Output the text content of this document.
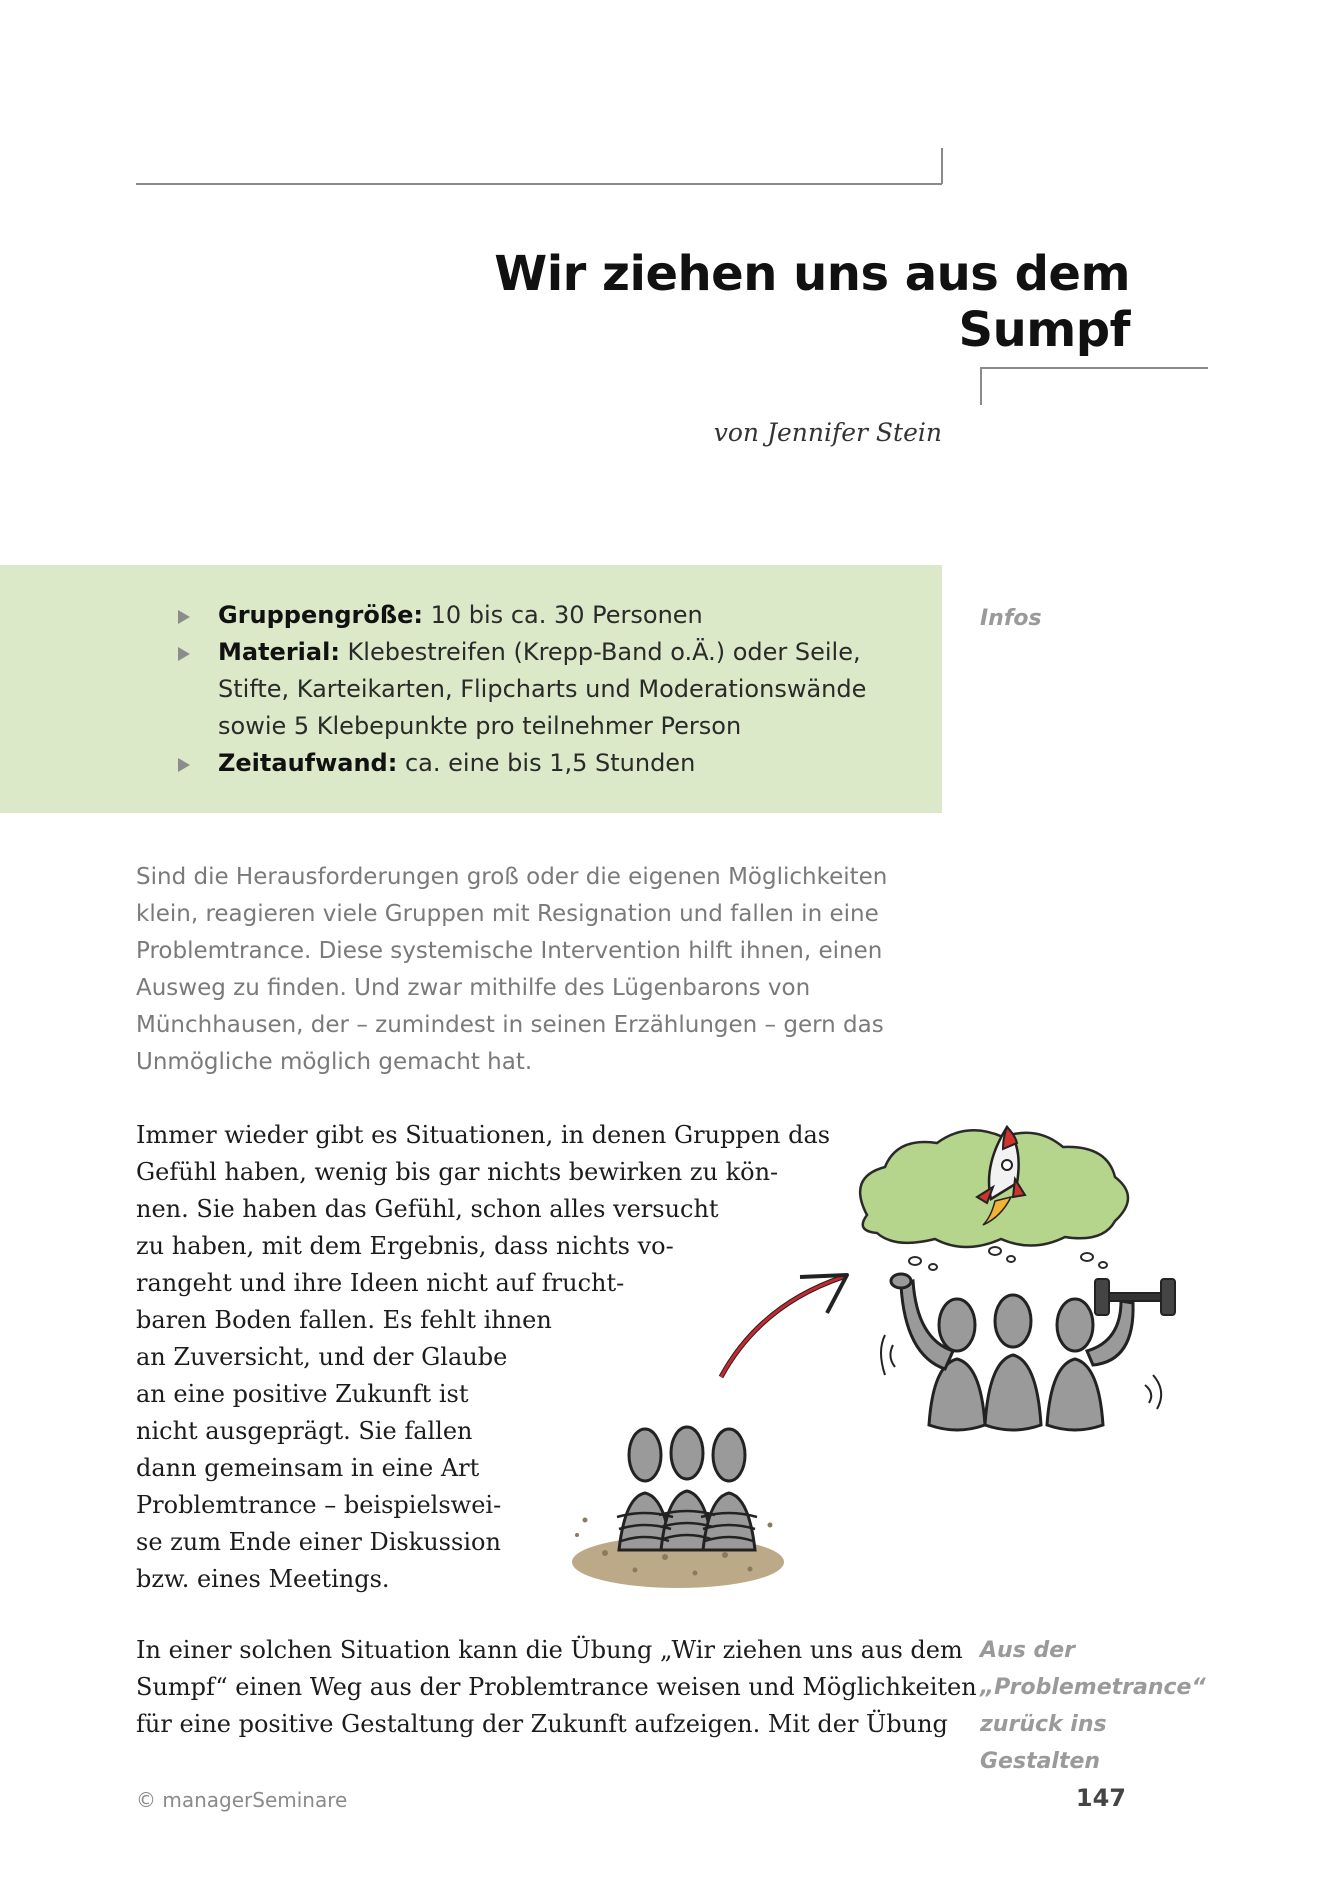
Wir ziehen uns aus dem Sumpf
von Jennifer Stein
Gruppengröße: 10 bis ca. 30 Personen
Material: Klebestreifen (Krepp-Band o.Ä.) oder Seile, Stifte, Karteikarten, Flipcharts und Moderationswände sowie 5 Klebepunkte pro teilnehmer Person
Zeitaufwand: ca. eine bis 1,5 Stunden
Infos
Sind die Herausforderungen groß oder die eigenen Möglichkeiten klein, reagieren viele Gruppen mit Resignation und fallen in eine Problemtrance. Diese systemische Intervention hilft ihnen, einen Ausweg zu finden. Und zwar mithilfe des Lügenbarons von Münchhausen, der – zumindest in seinen Erzählungen – gern das Unmögliche möglich gemacht hat.
Immer wieder gibt es Situationen, in denen Gruppen das
Gefühl haben, wenig bis gar nichts bewirken zu kön-
nen. Sie haben das Gefühl, schon alles versucht
zu haben, mit dem Ergebnis, dass nichts vo-
rangeht und ihre Ideen nicht auf frucht-
baren Boden fallen. Es fehlt ihnen
an Zuversicht, und der Glaube
an eine positive Zukunft ist
nicht ausgeprägt. Sie fallen
dann gemeinsam in eine Art
Problemtrance – beispielswei-
se zum Ende einer Diskussion
bzw. eines Meetings.
In einer solchen Situation kann die Übung „Wir ziehen uns aus dem
Sumpf“ einen Weg aus der Problemtrance weisen und Möglichkeiten
für eine positive Gestaltung der Zukunft aufzeigen. Mit der Übung
Aus der
„Problemetrance“
zurück ins Gestalten
© managerSeminare	147
